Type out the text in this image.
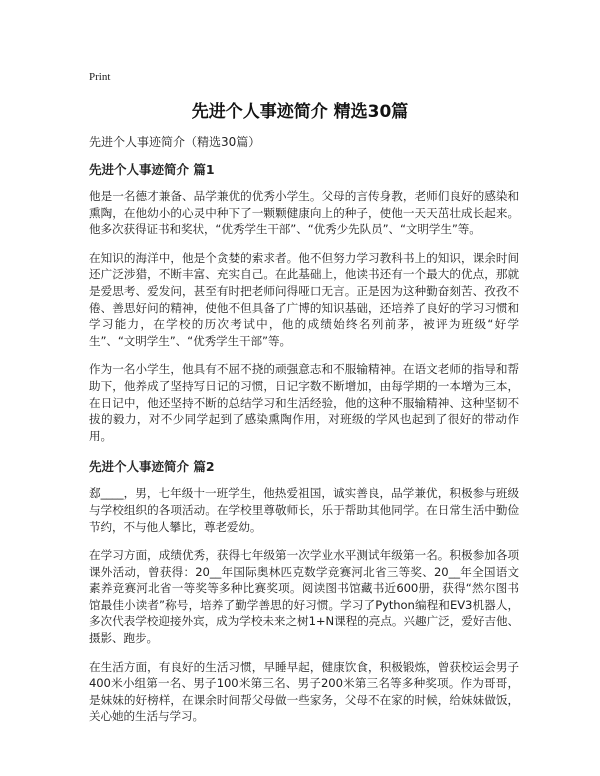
Print
先进个人事迹简介 精选30篇

先进个人事迹简介（精选30篇）

先进个人事迹简介 篇1

他是一名德才兼备、品学兼优的优秀小学生。父母的言传身教，老师们良好的感染和熏陶，在他幼小的心灵中种下了一颗颗健康向上的种子，使他一天天茁壮成长起来。他多次获得证书和奖状，“优秀学生干部”、“优秀少先队员”、“文明学生”等。

在知识的海洋中，他是个贪婪的索求者。他不但努力学习教科书上的知识，课余时间还广泛涉猎，不断丰富、充实自己。在此基础上，他读书还有一个最大的优点，那就是爱思考、爱发问，甚至有时把老师问得哑口无言。正是因为这种勤奋刻苦、孜孜不倦、善思好问的精神，使他不但具备了广博的知识基础，还培养了良好的学习习惯和学习能力，在学校的历次考试中，他的成绩始终名列前茅，被评为班级“好学生”、“文明学生”、“优秀学生干部”等。

作为一名小学生，他具有不屈不挠的顽强意志和不服输精神。在语文老师的指导和帮助下，他养成了坚持写日记的习惯，日记字数不断增加，由每学期的一本增为三本，在日记中，他还坚持不断的总结学习和生活经验，他的这种不服输精神、这种坚韧不拔的毅力，对不少同学起到了感染熏陶作用，对班级的学风也起到了很好的带动作用。

先进个人事迹简介 篇2

郄____，男，七年级十一班学生，他热爱祖国，诚实善良，品学兼优，积极参与班级与学校组织的各项活动。在学校里尊敬师长，乐于帮助其他同学。在日常生活中勤俭节约，不与他人攀比，尊老爱幼。

在学习方面，成绩优秀，获得七年级第一次学业水平测试年级第一名。积极参加各项课外活动，曾获得：20__年国际奥林匹克数学竞赛河北省三等奖、20__年全国语文素养竞赛河北省一等奖等多种比赛奖项。阅读图书馆藏书近600册，获得“然尔图书馆最佳小读者”称号，培养了勤学善思的好习惯。学习了Python编程和EV3机器人，多次代表学校迎接外宾，成为学校未来之树1+N课程的亮点。兴趣广泛，爱好吉他、摄影、跑步。

在生活方面，有良好的生活习惯，早睡早起，健康饮食，积极锻炼，曾获校运会男子400米小组第一名、男子100米第三名、男子200米第三名等多种奖项。作为哥哥，是妹妹的好榜样，在课余时间帮父母做一些家务，父母不在家的时候，给妹妹做饭，关心她的生活与学习。
